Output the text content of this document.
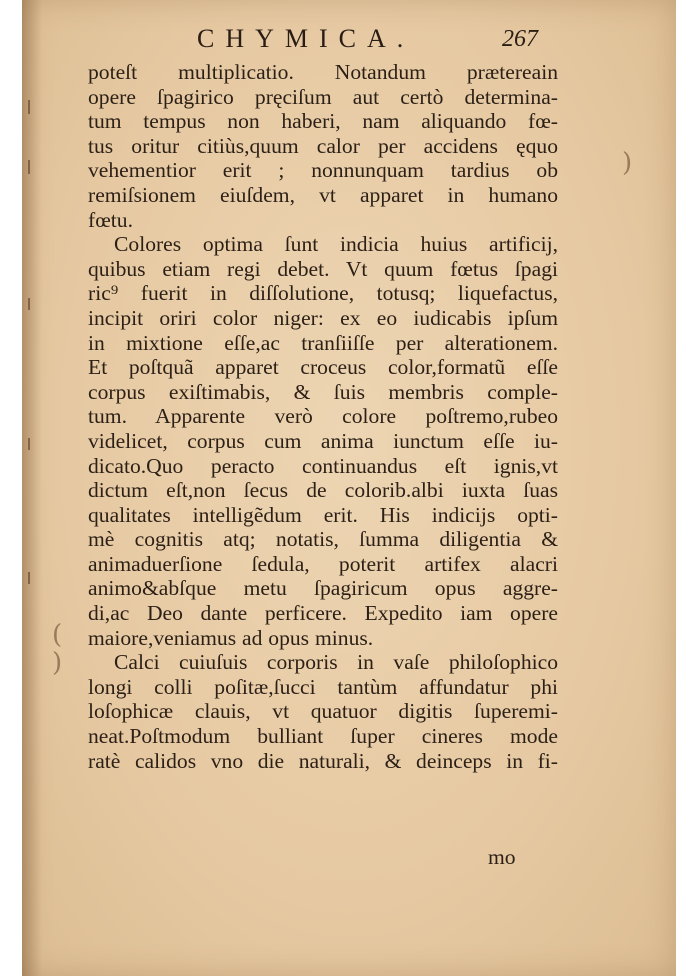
CHYMICA.	267
poteſt multiplicatio. Notandum prætereain
opere ſpagirico pręciſum aut certò determina-
tum tempus non haberi, nam aliquando fœ-
tus oritur citiùs,quum calor per accidens ęquo
vehementior erit ; nonnunquam tardius ob
remiſsionem eiuſdem, vt apparet in humano
fœtu.
Colores optima ſunt indicia huius artificij,
quibus etiam regi debet. Vt quum fœtus ſpagi
ric⁹ fuerit in diſſolutione, totusq; liquefactus,
incipit oriri color niger: ex eo iudicabis ipſum
in mixtione eſſe,ac tranſiiſſe per alterationem.
Et poſtquã apparet croceus color,formatũ eſſe
corpus exiſtimabis, & ſuis membris comple-
tum. Apparente verò colore poſtremo,rubeo
videlicet, corpus cum anima iunctum eſſe iu-
dicato.Quo peracto continuandus eſt ignis,vt
dictum eſt,non ſecus de colorib.albi iuxta ſuas
qualitates intelligẽdum erit. His indicijs opti-
mè cognitis atq; notatis, ſumma diligentia &
animaduerſione ſedula, poterit artifex alacri
animo&abſque metu ſpagiricum opus aggre-
di,ac Deo dante perficere. Expedito iam opere
maiore,veniamus ad opus minus.
Calci cuiuſuis corporis in vaſe philoſophico
longi colli poſitæ,ſucci tantùm affundatur phi
loſophicæ clauis, vt quatuor digitis ſuperemi-
neat.Poſtmodum bulliant ſuper cineres mode
ratè calidos vno die naturali, & deinceps in fi-
mo
(
)
)
